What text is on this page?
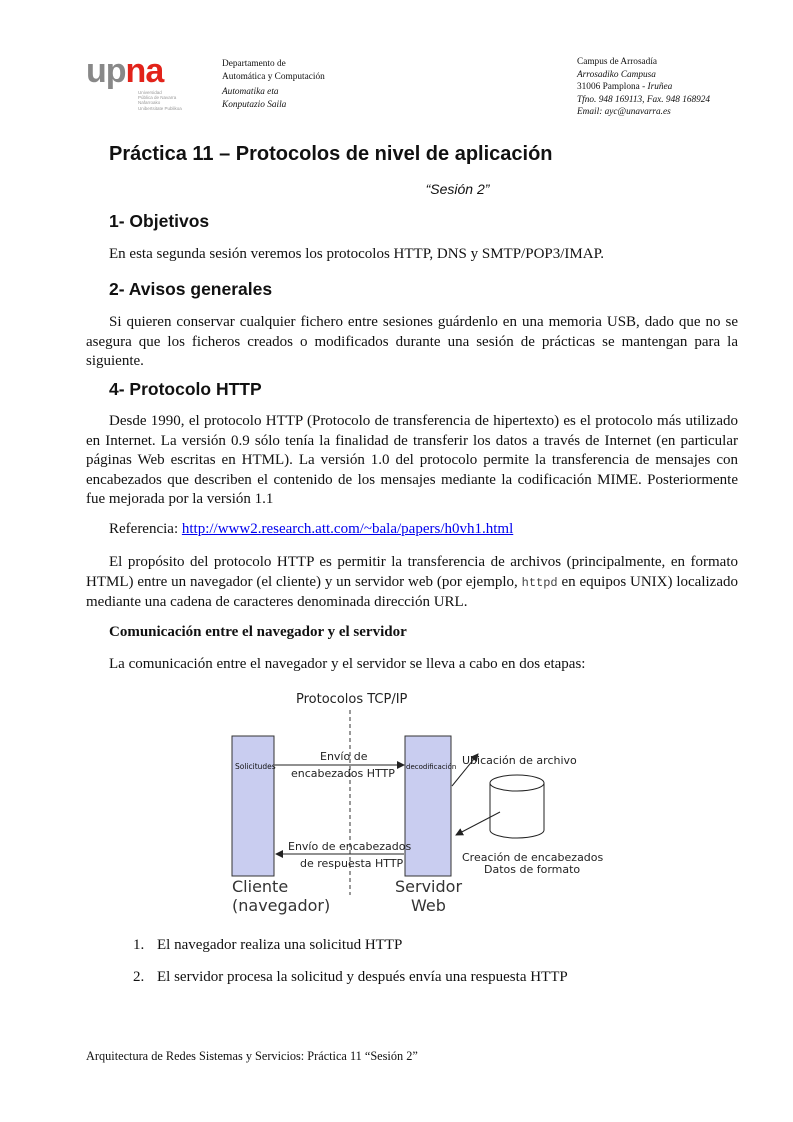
upna
Universidad
Pública de Navarra
Nafarroako
Unibertsitate Publikoa
Departamento de
Automática y Computación
Automatika eta
Konputazio Saila
Campus de Arrosadía
Arrosadiko Campusa
31006 Pamplona - Iruñea
Tfno. 948 169113, Fax. 948 168924
Email: ayc@unavarra.es
Práctica 11 – Protocolos de nivel de aplicación
“Sesión 2”
1- Objetivos
En esta segunda sesión veremos los protocolos HTTP, DNS y SMTP/POP3/IMAP.
2- Avisos generales
Si quieren conservar cualquier fichero entre sesiones guárdenlo en una memoria USB, dado que no se asegura que los ficheros creados o modificados durante una sesión de prácticas se mantengan para la siguiente.
4- Protocolo HTTP
Desde 1990, el protocolo HTTP (Protocolo de transferencia de hipertexto) es el protocolo más utilizado en Internet. La versión 0.9 sólo tenía la finalidad de transferir los datos a través de Internet (en particular páginas Web escritas en HTML). La versión 1.0 del protocolo permite la transferencia de mensajes con encabezados que describen el contenido de los mensajes mediante la codificación MIME. Posteriormente fue mejorada por la versión 1.1
Referencia: http://www2.research.att.com/~bala/papers/h0vh1.html
El propósito del protocolo HTTP es permitir la transferencia de archivos (principalmente, en formato HTML) entre un navegador (el cliente) y un servidor web (por ejemplo, httpd en equipos UNIX) localizado mediante una cadena de caracteres denominada dirección URL.
Comunicación entre el navegador y el servidor
La comunicación entre el navegador y el servidor se lleva a cabo en dos etapas:
Protocolos TCP/IP
Solicitudes	decodificación
Envío de
encabezados HTTP
Envío de encabezados
de respuesta HTTP
Ubicación de archivo
Creación de encabezados
Datos de formato
Cliente
(navegador)
Servidor
Web
1. El navegador realiza una solicitud HTTP
2. El servidor procesa la solicitud y después envía una respuesta HTTP
Arquitectura de Redes Sistemas y Servicios: Práctica 11 “Sesión 2”
